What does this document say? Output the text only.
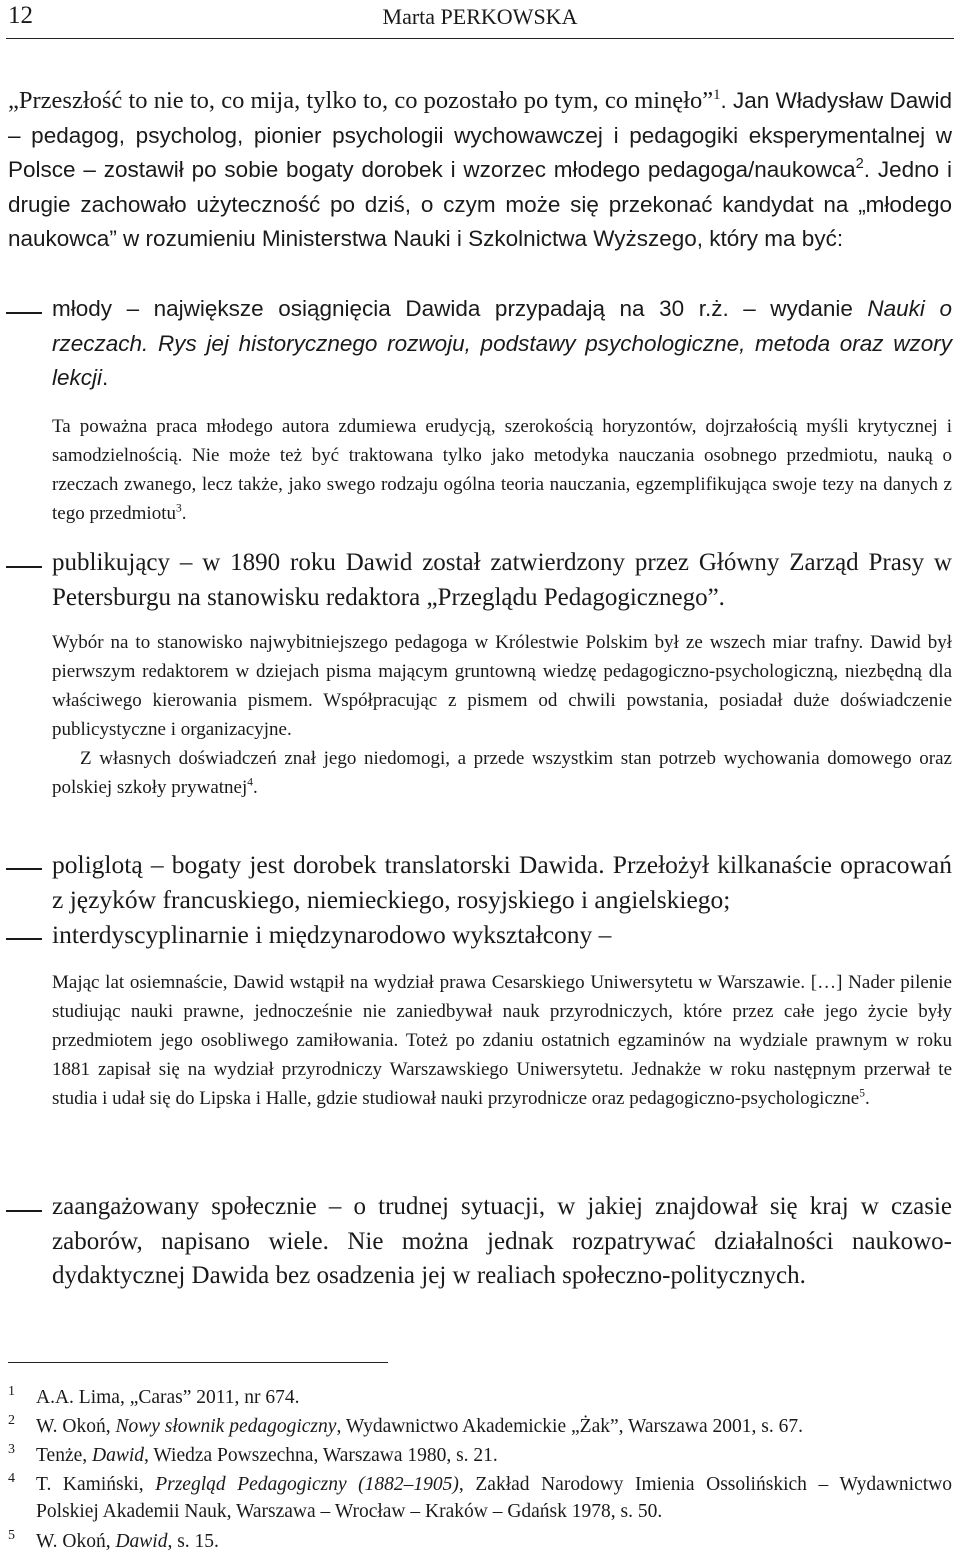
12	Marta PERKOWSKA

„Przeszłość to nie to, co mija, tylko to, co pozostało po tym, co minęło”$^1$. Jan Władysław Dawid – pedagog, psycholog, pionier psychologii wychowawczej i pedagogiki eksperymentalnej w Polsce – zostawił po sobie bogaty dorobek i wzorzec młodego pedagoga/naukowca$^2$. Jedno i drugie zachowało użyteczność po dziś, o czym może się przekonać kandydat na „młodego naukowca” w rozumieniu Ministerstwa Nauki i Szkolnictwa Wyższego, który ma być:

młody – największe osiągnięcia Dawida przypadają na 30 r.ż. – wydanie Nauki o rzeczach. Rys jej historycznego rozwoju, podstawy psychologiczne, metoda oraz wzory lekcji.

Ta poważna praca młodego autora zdumiewa erudycją, szerokością horyzontów, dojrzałością myśli krytycznej i samodzielnością. Nie może też być traktowana tylko jako metodyka nauczania osobnego przedmiotu, nauką o rzeczach zwanego, lecz także, jako swego rodzaju ogólna teoria nauczania, egzemplifikująca swoje tezy na danych z tego przedmiotu$^3$.

publikujący – w 1890 roku Dawid został zatwierdzony przez Główny Zarząd Prasy w Petersburgu na stanowisku redaktora „Przeglądu Pedagogicznego”.

Wybór na to stanowisko najwybitniejszego pedagoga w Królestwie Polskim był ze wszech miar trafny. Dawid był pierwszym redaktorem w dziejach pisma mającym gruntowną wiedzę pedagogiczno-psychologiczną, niezbędną dla właściwego kierowania pismem. Współpracując z pismem od chwili powstania, posiadał duże doświadczenie publicystyczne i organizacyjne.
Z własnych doświadczeń znał jego niedomogi, a przede wszystkim stan potrzeb wychowania domowego oraz polskiej szkoły prywatnej$^4$.

poliglotą – bogaty jest dorobek translatorski Dawida. Przełożył kilkanaście opracowań z języków francuskiego, niemieckiego, rosyjskiego i angielskiego;

interdyscyplinarnie i międzynarodowo wykształcony –

Mając lat osiemnaście, Dawid wstąpił na wydział prawa Cesarskiego Uniwersytetu w Warszawie. […] Nader pilenie studiując nauki prawne, jednocześnie nie zaniedbywał nauk przyrodniczych, które przez całe jego życie były przedmiotem jego osobliwego zamiłowania. Toteż po zdaniu ostatnich egzaminów na wydziale prawnym w roku 1881 zapisał się na wydział przyrodniczy Warszawskiego Uniwersytetu. Jednakże w roku następnym przerwał te studia i udał się do Lipska i Halle, gdzie studiował nauki przyrodnicze oraz pedagogiczno-psychologiczne$^5$.

zaangażowany społecznie – o trudnej sytuacji, w jakiej znajdował się kraj w czasie zaborów, napisano wiele. Nie można jednak rozpatrywać działalności naukowo-dydaktycznej Dawida bez osadzenia jej w realiach społeczno-politycznych.

1 A.A. Lima, „Caras” 2011, nr 674.
2 W. Okoń, Nowy słownik pedagogiczny, Wydawnictwo Akademickie „Żak”, Warszawa 2001, s. 67.
3 Tenże, Dawid, Wiedza Powszechna, Warszawa 1980, s. 21.
4 T. Kamiński, Przegląd Pedagogiczny (1882–1905), Zakład Narodowy Imienia Ossolińskich – Wydawnictwo Polskiej Akademii Nauk, Warszawa – Wrocław – Kraków – Gdańsk 1978, s. 50.
5 W. Okoń, Dawid, s. 15.
